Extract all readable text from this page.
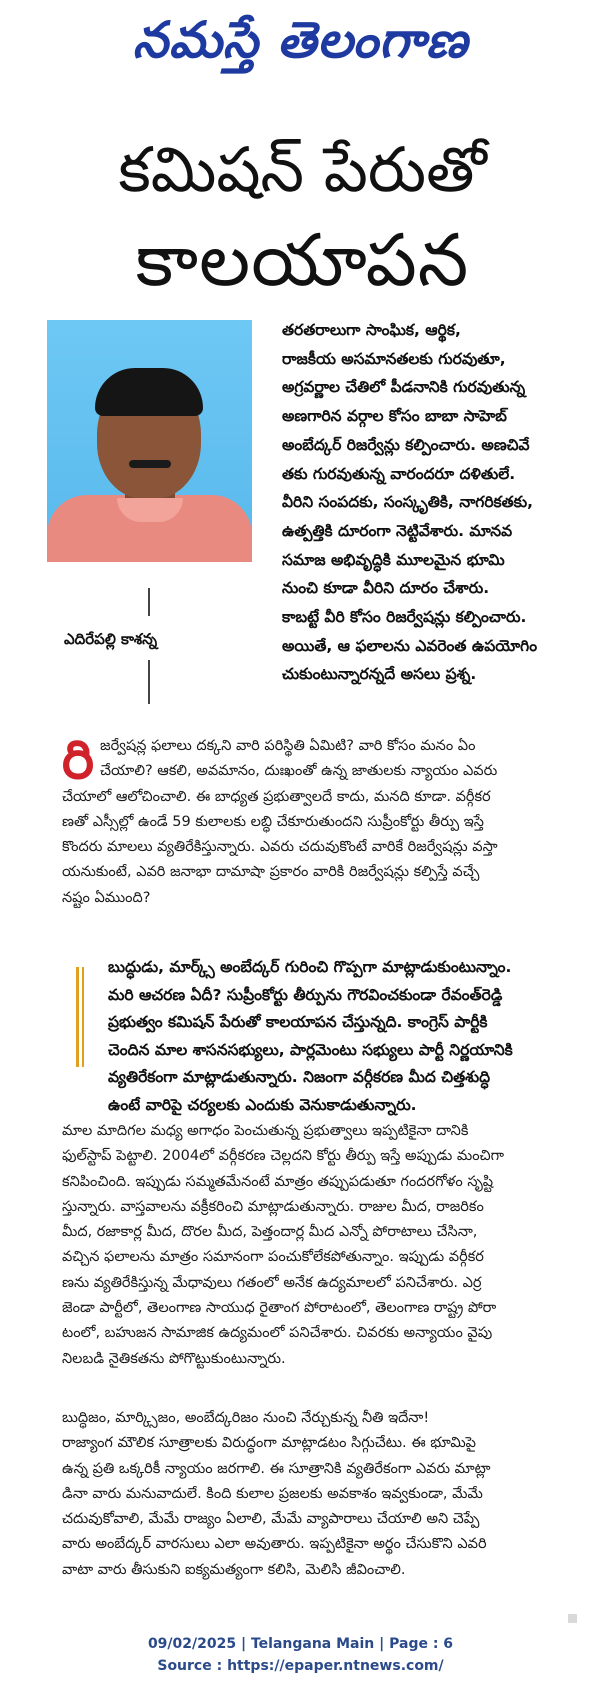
నమస్తే తెలంగాణ
కమిషన్ పేరుతో
కాలయాపన
ఎదిరేపల్లి కాశన్న

తరతరాలుగా సాంఘిక, ఆర్థిక,

రాజకీయ అసమానతలకు గురవుతూ,

అగ్రవర్ణాల చేతిలో పీడనానికి గురవుతున్న

అణగారిన వర్గాల కోసం బాబా సాహెబ్

అంబేద్కర్ రిజర్వేన్లు కల్పించారు. అణచివే

తకు గురవుతున్న వారందరూ దళితులే.

వీరిని సంపదకు, సంస్కృతికి, నాగరికతకు,

ఉత్పత్తికి దూరంగా నెట్టివేశారు. మానవ

సమాజ అభివృద్ధికి మూలమైన భూమి

నుంచి కూడా వీరిని దూరం చేశారు.

కాబట్టే వీరి కోసం రిజర్వేషన్లు కల్పించారు.

అయితే, ఆ ఫలాలను ఎవరెంత ఉపయోగిం

చుకుంటున్నారన్నదే అసలు ప్రశ్న.

రి జర్వేషన్ల ఫలాలు దక్కని వారి పరిస్థితి ఏమిటి? వారి కోసం మనం ఏం

చేయాలి? ఆకలి, అవమానం, దుఃఖంతో ఉన్న జాతులకు న్యాయం ఎవరు

చేయాలో ఆలోచించాలి. ఈ బాధ్యత ప్రభుత్వాలదే కాదు, మనది కూడా. వర్గీకర

ణతో ఎస్సీల్లో ఉండే 59 కులాలకు లబ్ధి చేకూరుతుందని సుప్రీంకోర్టు తీర్పు ఇస్తే

కొందరు మాలలు వ్యతిరేకిస్తున్నారు. ఎవరు చదువుకొంటే వారికే రిజర్వేషన్లు వస్తా

యనుకుంటే, ఎవరి జనాభా దామాషా ప్రకారం వారికి రిజర్వేషన్లు కల్పిస్తే వచ్చే

నష్టం ఏముంది?

బుద్ధుడు, మార్క్స్ అంబేద్కర్ గురించి గొప్పగా మాట్లాడుకుంటున్నాం.

మరి ఆచరణ ఏదీ? సుప్రీంకోర్టు తీర్పును గౌరవించకుండా రేవంత్‌రెడ్డి

ప్రభుత్వం కమిషన్ పేరుతో కాలయాపన చేస్తున్నది. కాంగ్రెస్ పార్టీకి

చెందిన మాల శాసనసభ్యులు, పార్లమెంటు సభ్యులు పార్టీ నిర్ణయానికి

వ్యతిరేకంగా మాట్లాడుతున్నారు. నిజంగా వర్గీకరణ మీద చిత్తశుద్ధి

ఉంటే వారిపై చర్యలకు ఎందుకు వెనుకాడుతున్నారు.

మాల మాదిగల మధ్య అగాధం పెంచుతున్న ప్రభుత్వాలు ఇప్పటికైనా దానికి

ఫుల్‌స్టాప్ పెట్టాలి. 2004లో వర్గీకరణ చెల్లదని కోర్టు తీర్పు ఇస్తే అప్పుడు మంచిగా

కనిపించింది. ఇప్పుడు సమ్మతమేనంటే మాత్రం తప్పుపడుతూ గందరగోళం సృష్టి

స్తున్నారు. వాస్తవాలను వక్రీకరించి మాట్లాడుతున్నారు. రాజుల మీద, రాజరికం

మీద, రజాకార్ల మీద, దొరల మీద, పెత్తందార్ల మీద ఎన్నో పోరాటాలు చేసినా,

వచ్చిన ఫలాలను మాత్రం సమానంగా పంచుకోలేకపోతున్నాం. ఇప్పుడు వర్గీకర

ణను వ్యతిరేకిస్తున్న మేధావులు గతంలో అనేక ఉద్యమాలలో పనిచేశారు. ఎర్ర

జెండా పార్టీలో, తెలంగాణ సాయుధ రైతాంగ పోరాటంలో, తెలంగాణ రాష్ట్ర పోరా

టంలో, బహుజన సామాజిక ఉద్యమంలో పనిచేశారు. చివరకు అన్యాయం వైపు

నిలబడి నైతికతను పోగొట్టుకుంటున్నారు.

బుద్ధిజం, మార్క్సిజం, అంబేద్కరిజం నుంచి నేర్చుకున్న నీతి ఇదేనా!

రాజ్యాంగ మౌలిక సూత్రాలకు విరుద్ధంగా మాట్లాడటం సిగ్గుచేటు. ఈ భూమిపై

ఉన్న ప్రతి ఒక్కరికీ న్యాయం జరగాలి. ఈ సూత్రానికి వ్యతిరేకంగా ఎవరు మాట్లా

డినా వారు మనువాదులే. కింది కులాల ప్రజలకు అవకాశం ఇవ్వకుండా, మేమే

చదువుకోవాలి, మేమే రాజ్యం ఏలాలి, మేమే వ్యాపారాలు చేయాలి అని చెప్పే

వారు అంబేద్కర్ వారసులు ఎలా అవుతారు. ఇప్పటికైనా అర్థం చేసుకొని ఎవరి

వాటా వారు తీసుకుని ఐక్యమత్యంగా కలిసి, మెలిసి జీవించాలి.

09/02/2025 | Telangana Main | Page : 6
Source : https://epaper.ntnews.com/
